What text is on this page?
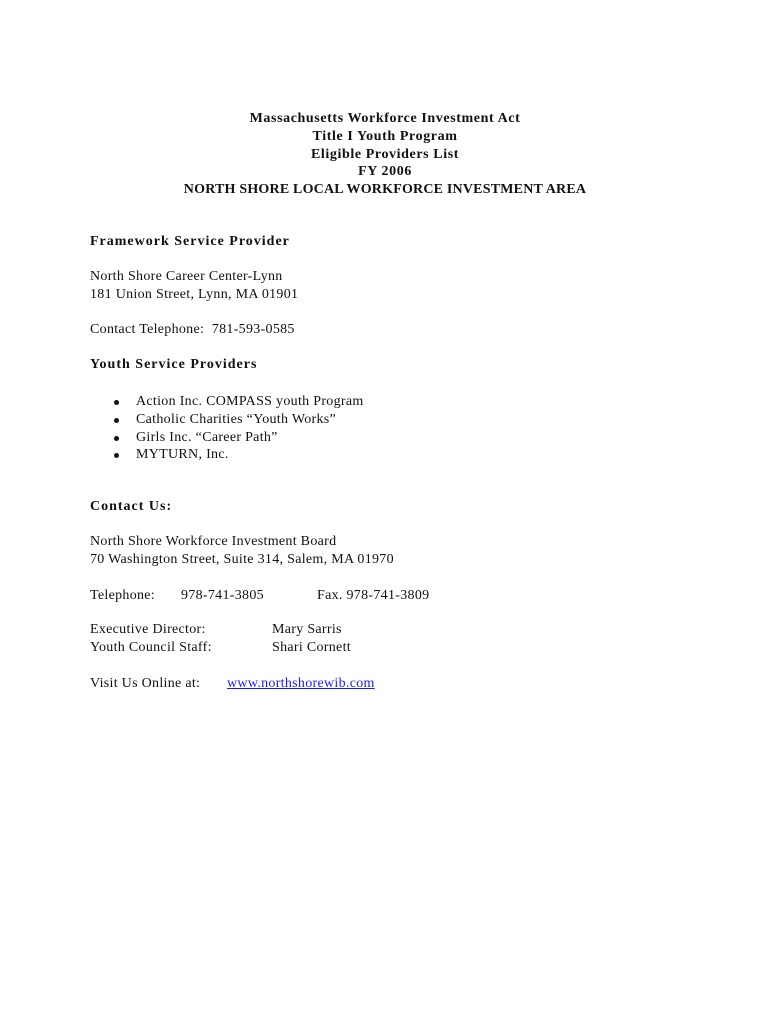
Massachusetts Workforce Investment Act
Title I Youth Program
Eligible Providers List
FY 2006
NORTH SHORE LOCAL WORKFORCE INVESTMENT AREA
Framework Service Provider
North Shore Career Center-Lynn
181 Union Street, Lynn, MA 01901
Contact Telephone: 781-593-0585
Youth Service Providers
Action Inc. COMPASS youth Program
Catholic Charities “Youth Works”
Girls Inc. “Career Path”
MYTURN, Inc.
Contact Us:
North Shore Workforce Investment Board
70 Washington Street, Suite 314, Salem, MA 01970
Telephone: 978-741-3805	Fax. 978-741-3809
Executive Director:	Mary Sarris
Youth Council Staff:	Shari Cornett
Visit Us Online at: www.northshorewib.com
